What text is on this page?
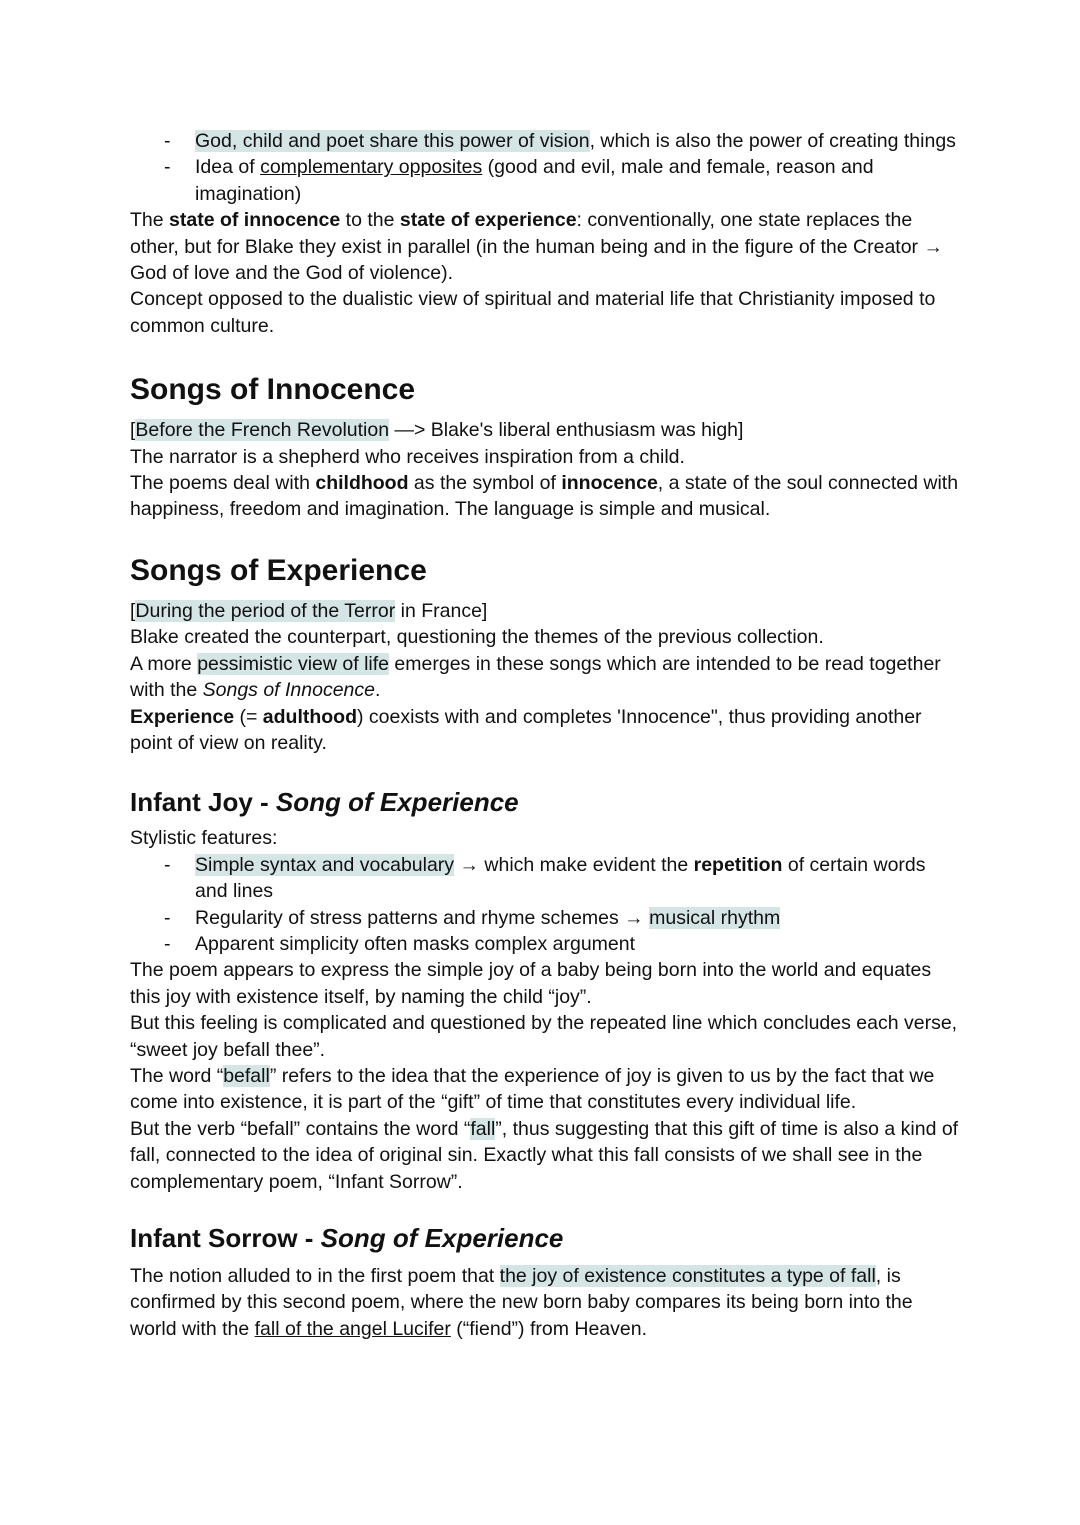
- God, child and poet share this power of vision, which is also the power of creating things
- Idea of complementary opposites (good and evil, male and female, reason and imagination)

The state of innocence to the state of experience: conventionally, one state replaces the other, but for Blake they exist in parallel (in the human being and in the figure of the Creator → God of love and the God of violence).

Concept opposed to the dualistic view of spiritual and material life that Christianity imposed to common culture.

Songs of Innocence

[Before the French Revolution —> Blake's liberal enthusiasm was high]

The narrator is a shepherd who receives inspiration from a child.

The poems deal with childhood as the symbol of innocence, a state of the soul connected with happiness, freedom and imagination. The language is simple and musical.

Songs of Experience

[During the period of the Terror in France]

Blake created the counterpart, questioning the themes of the previous collection.

A more pessimistic view of life emerges in these songs which are intended to be read together with the Songs of Innocence.

Experience (= adulthood) coexists with and completes 'Innocence", thus providing another point of view on reality.

Infant Joy - Song of Experience

Stylistic features:

- Simple syntax and vocabulary → which make evident the repetition of certain words and lines
- Regularity of stress patterns and rhyme schemes → musical rhythm
- Apparent simplicity often masks complex argument

The poem appears to express the simple joy of a baby being born into the world and equates this joy with existence itself, by naming the child “joy”.

But this feeling is complicated and questioned by the repeated line which concludes each verse, “sweet joy befall thee”.

The word “befall” refers to the idea that the experience of joy is given to us by the fact that we come into existence, it is part of the “gift” of time that constitutes every individual life.

But the verb “befall” contains the word “fall”, thus suggesting that this gift of time is also a kind of fall, connected to the idea of original sin. Exactly what this fall consists of we shall see in the complementary poem, “Infant Sorrow”.

Infant Sorrow - Song of Experience

The notion alluded to in the first poem that the joy of existence constitutes a type of fall, is confirmed by this second poem, where the new born baby compares its being born into the world with the fall of the angel Lucifer (“fiend”) from Heaven.
